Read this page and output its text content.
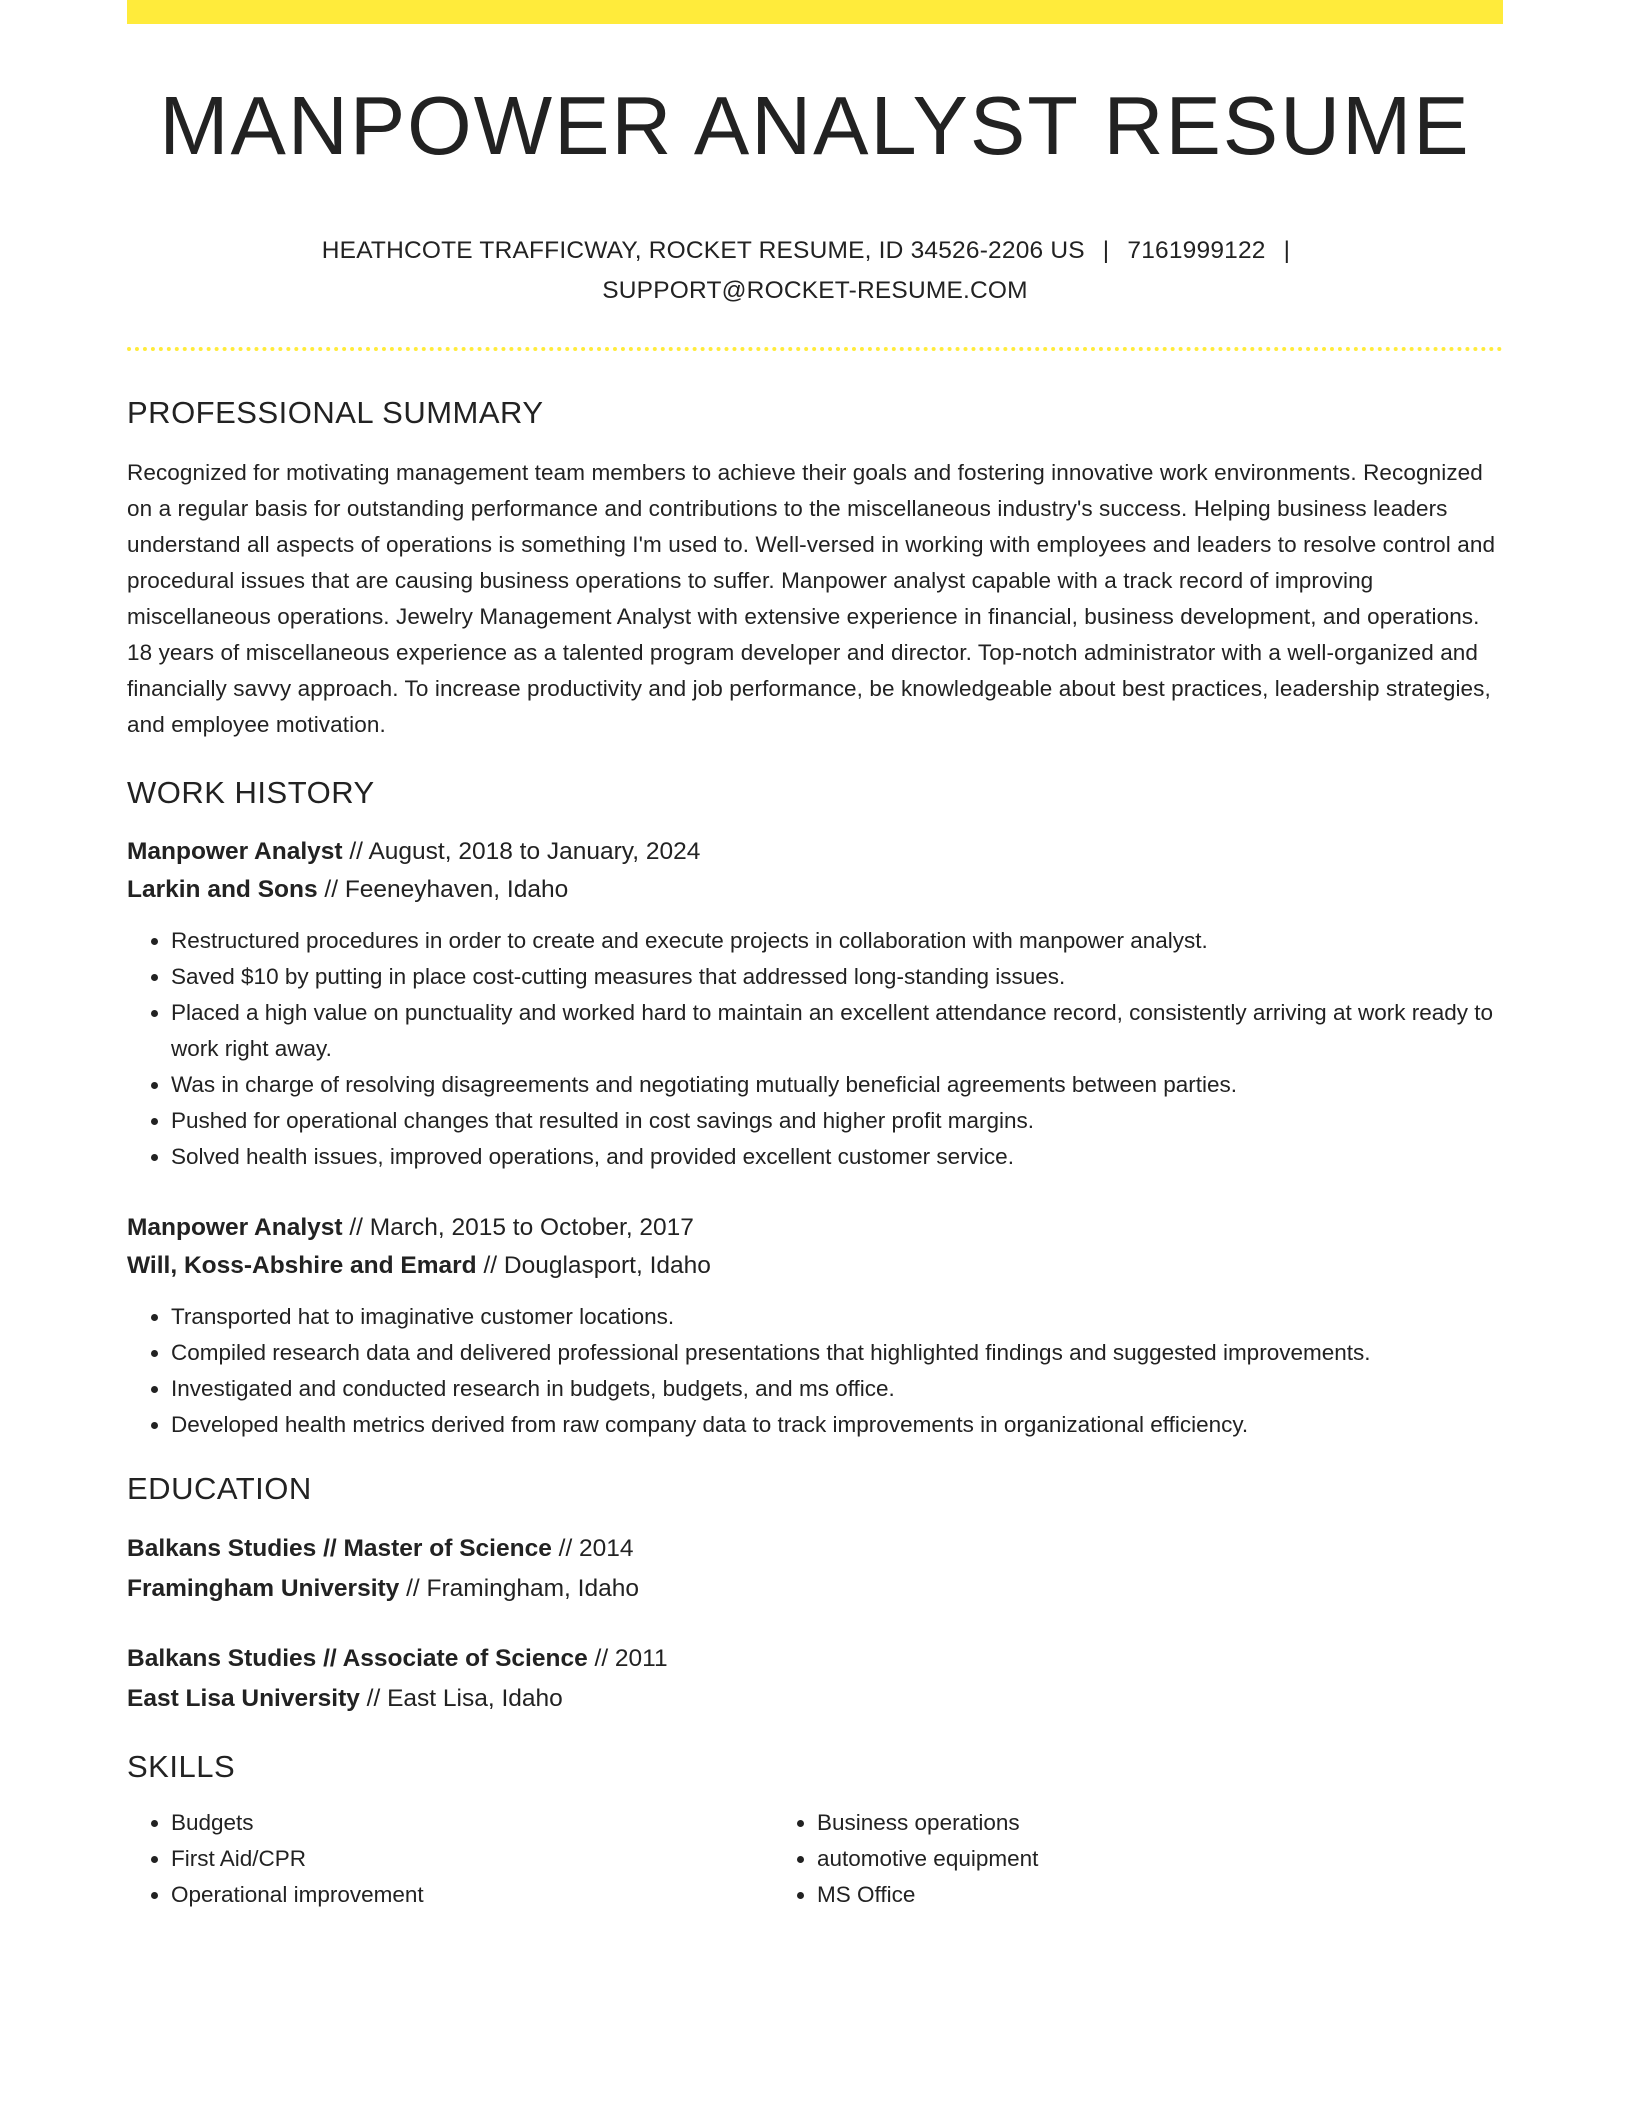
MANPOWER ANALYST RESUME
HEATHCOTE TRAFFICWAY, ROCKET RESUME, ID 34526-2206 US | 7161999122 |
SUPPORT@ROCKET-RESUME.COM
PROFESSIONAL SUMMARY
Recognized for motivating management team members to achieve their goals and fostering innovative work environments. Recognized on a regular basis for outstanding performance and contributions to the miscellaneous industry's success. Helping business leaders understand all aspects of operations is something I'm used to. Well-versed in working with employees and leaders to resolve control and procedural issues that are causing business operations to suffer. Manpower analyst capable with a track record of improving miscellaneous operations. Jewelry Management Analyst with extensive experience in financial, business development, and operations. 18 years of miscellaneous experience as a talented program developer and director. Top-notch administrator with a well-organized and financially savvy approach. To increase productivity and job performance, be knowledgeable about best practices, leadership strategies, and employee motivation.
WORK HISTORY
Manpower Analyst // August, 2018 to January, 2024
Larkin and Sons // Feeneyhaven, Idaho
• Restructured procedures in order to create and execute projects in collaboration with manpower analyst.
• Saved $10 by putting in place cost-cutting measures that addressed long-standing issues.
• Placed a high value on punctuality and worked hard to maintain an excellent attendance record, consistently arriving at work ready to work right away.
• Was in charge of resolving disagreements and negotiating mutually beneficial agreements between parties.
• Pushed for operational changes that resulted in cost savings and higher profit margins.
• Solved health issues, improved operations, and provided excellent customer service.
Manpower Analyst // March, 2015 to October, 2017
Will, Koss-Abshire and Emard // Douglasport, Idaho
• Transported hat to imaginative customer locations.
• Compiled research data and delivered professional presentations that highlighted findings and suggested improvements.
• Investigated and conducted research in budgets, budgets, and ms office.
• Developed health metrics derived from raw company data to track improvements in organizational efficiency.
EDUCATION
Balkans Studies // Master of Science // 2014
Framingham University // Framingham, Idaho
Balkans Studies // Associate of Science // 2011
East Lisa University // East Lisa, Idaho
SKILLS
• Budgets
• First Aid/CPR
• Operational improvement
• Business operations
• automotive equipment
• MS Office
